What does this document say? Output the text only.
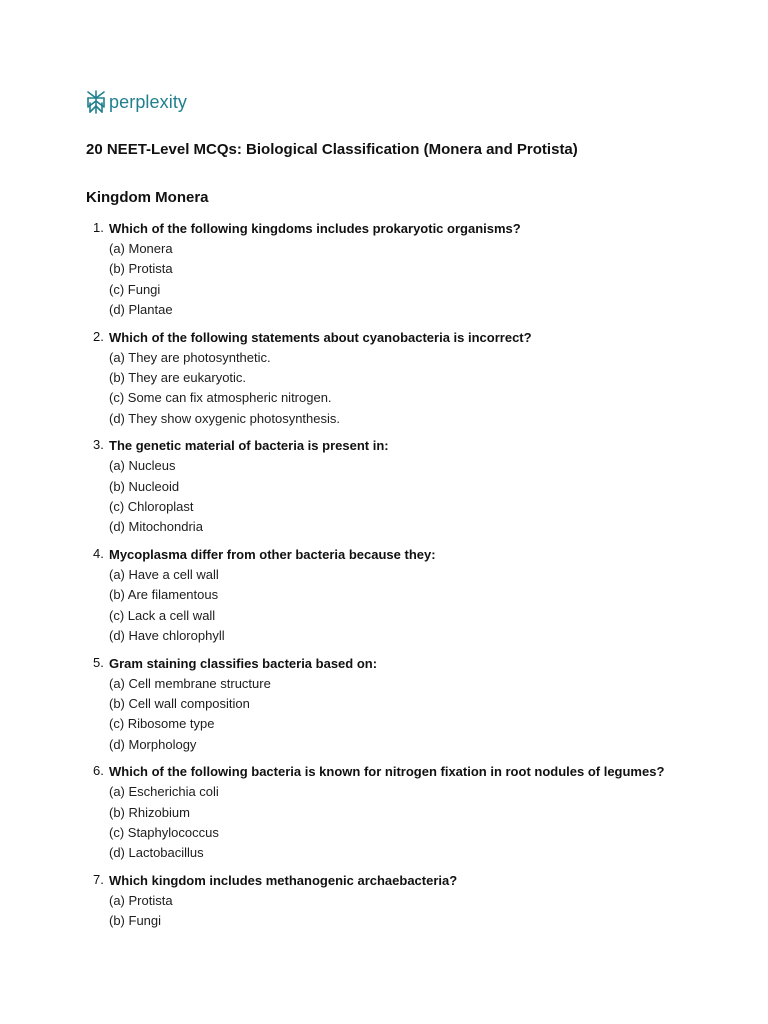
perplexity
20 NEET-Level MCQs: Biological Classification (Monera and Protista)
Kingdom Monera
1. Which of the following kingdoms includes prokaryotic organisms?

(a) Monera
(b) Protista
(c) Fungi
(d) Plantae
2. Which of the following statements about cyanobacteria is incorrect?

(a) They are photosynthetic.
(b) They are eukaryotic.
(c) Some can fix atmospheric nitrogen.
(d) They show oxygenic photosynthesis.
3. The genetic material of bacteria is present in:

(a) Nucleus
(b) Nucleoid
(c) Chloroplast
(d) Mitochondria
4. Mycoplasma differ from other bacteria because they:

(a) Have a cell wall
(b) Are filamentous
(c) Lack a cell wall
(d) Have chlorophyll
5. Gram staining classifies bacteria based on:

(a) Cell membrane structure
(b) Cell wall composition
(c) Ribosome type
(d) Morphology
6. Which of the following bacteria is known for nitrogen fixation in root nodules of legumes?

(a) Escherichia coli
(b) Rhizobium
(c) Staphylococcus
(d) Lactobacillus
7. Which kingdom includes methanogenic archaebacteria?

(a) Protista
(b) Fungi
